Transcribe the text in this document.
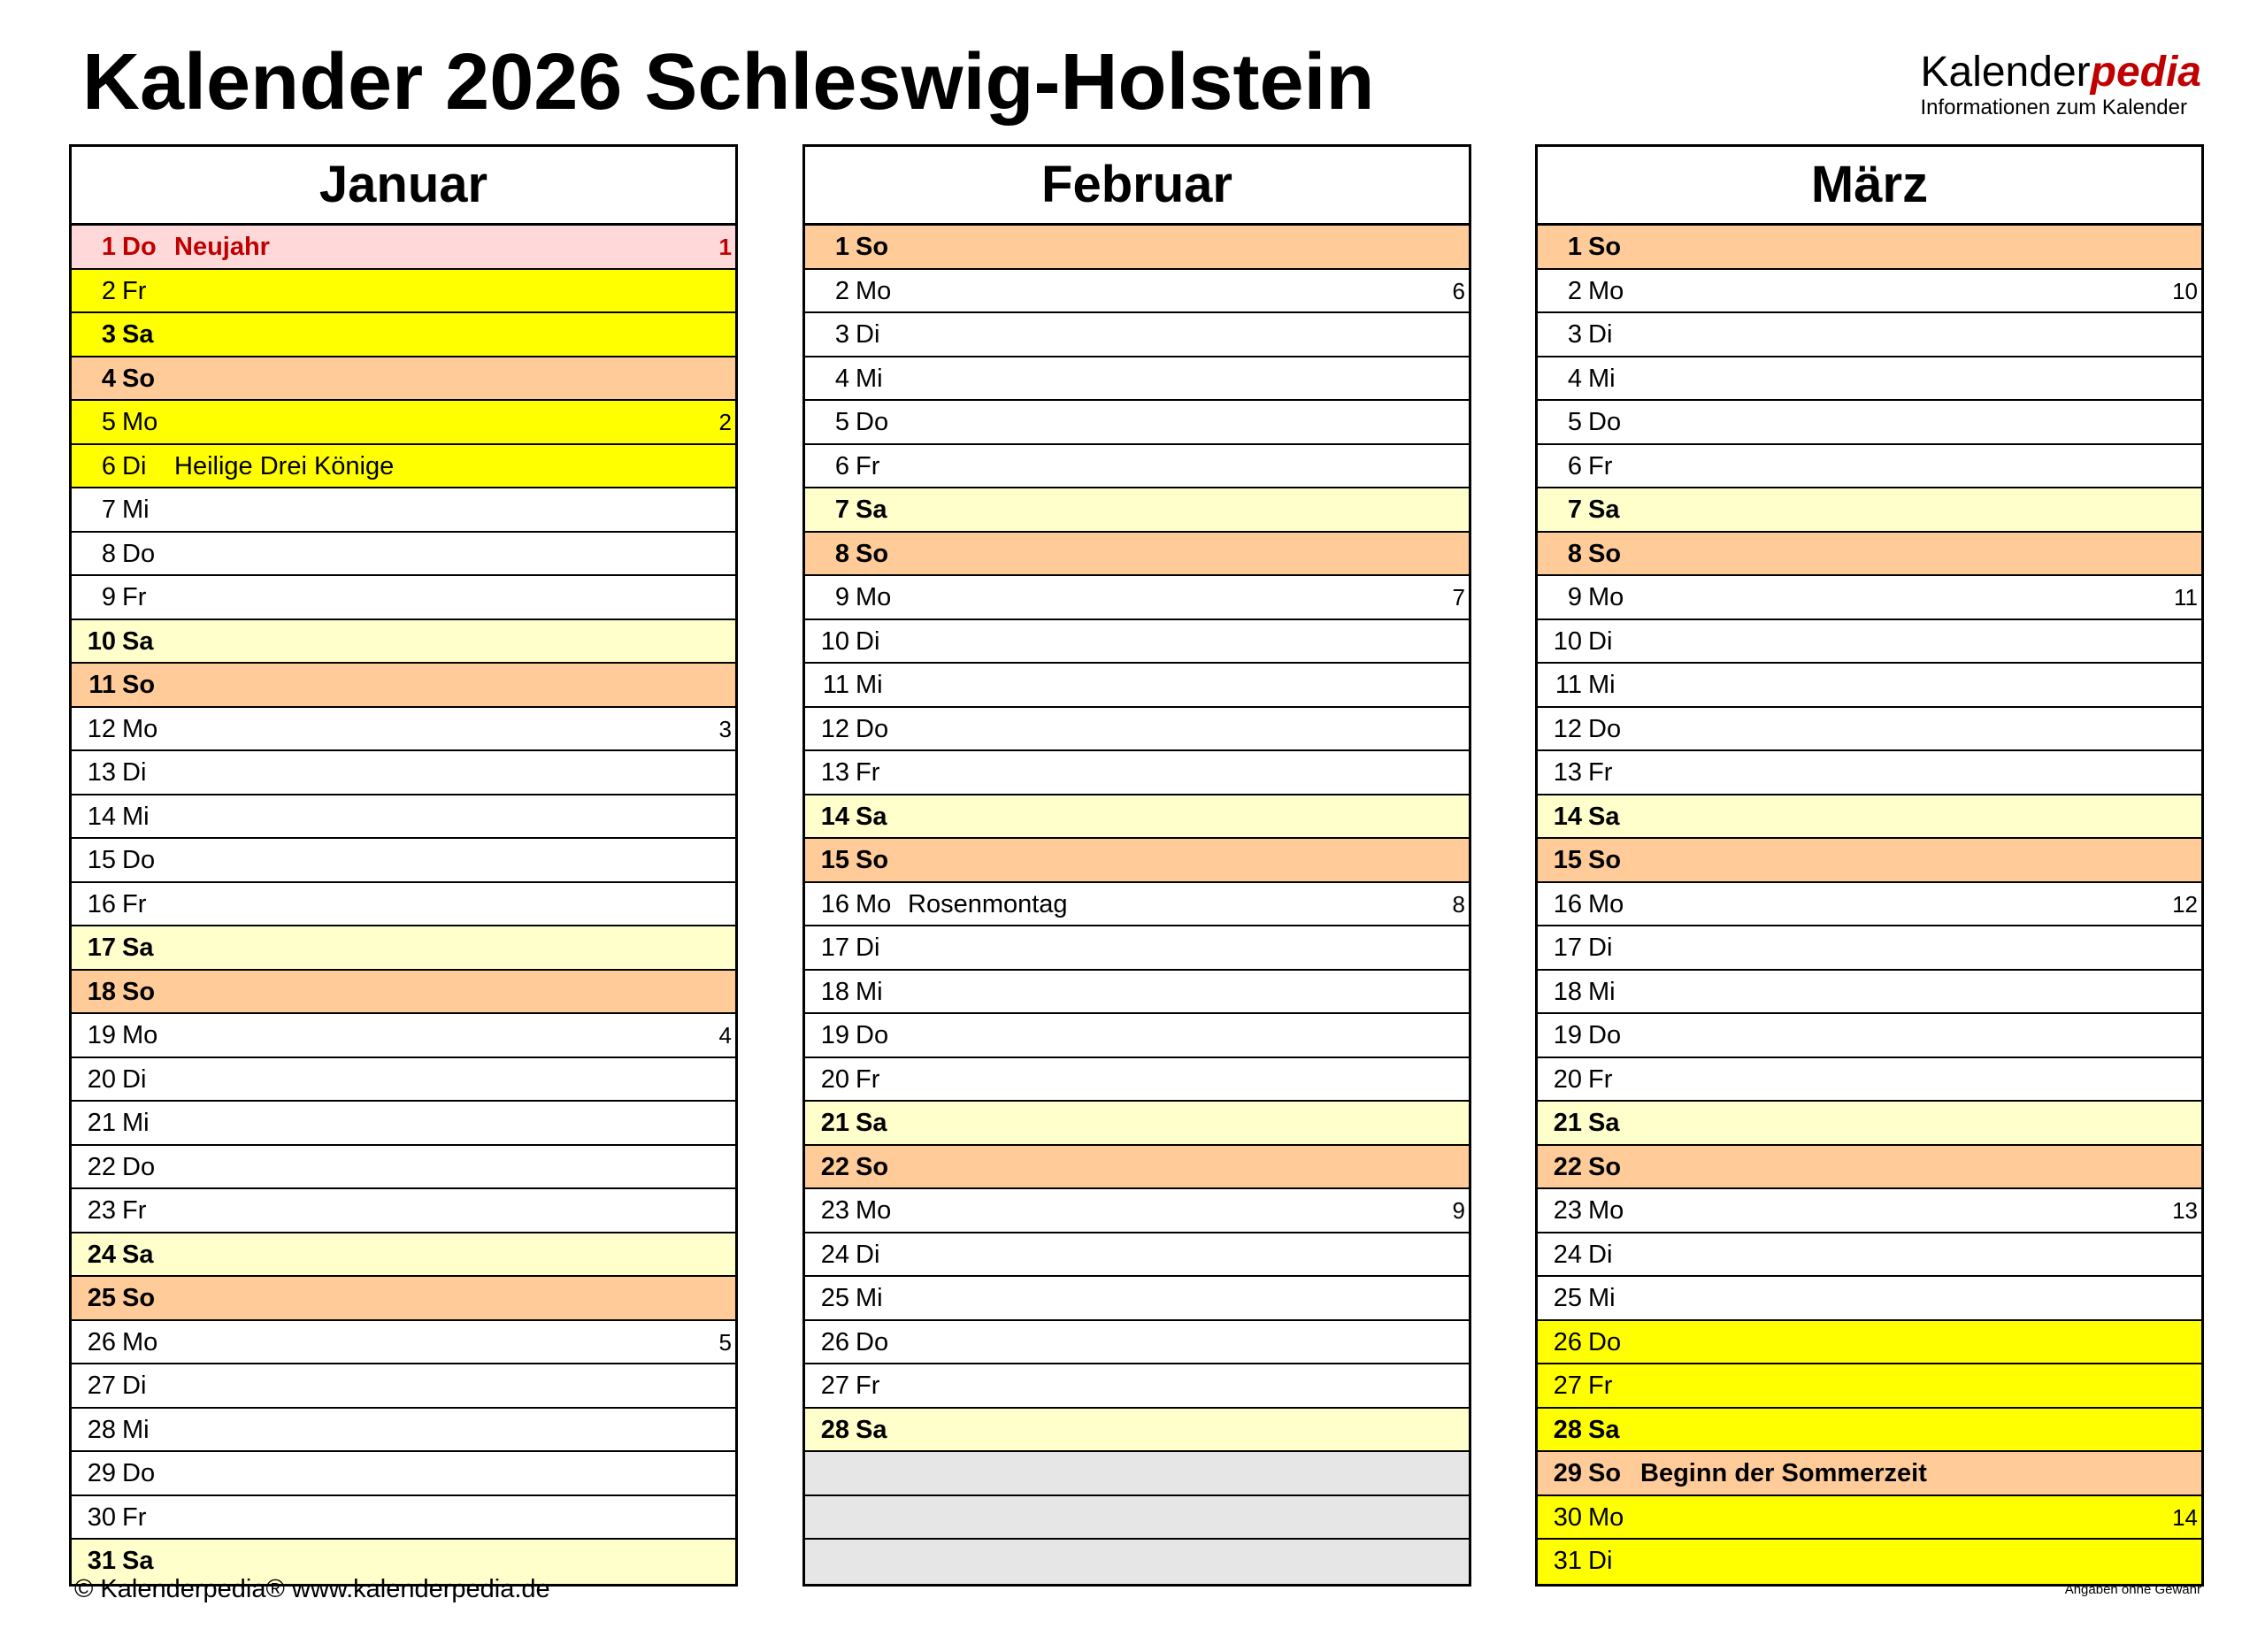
Kalender 2026 Schleswig-Holstein	Kalenderpedia
Informationen zum Kalender
Januar
1 Do Neujahr	1
2 Fr
3 Sa
4 So
5 Mo	2
6 Di Heilige Drei Könige
7 Mi
8 Do
9 Fr
10 Sa
11 So
12 Mo	3
13 Di
14 Mi
15 Do
16 Fr
17 Sa
18 So
19 Mo	4
20 Di
21 Mi
22 Do
23 Fr
24 Sa
25 So
26 Mo	5
27 Di
28 Mi
29 Do
30 Fr
31 Sa
Februar
1 So
2 Mo	6
3 Di
4 Mi
5 Do
6 Fr
7 Sa
8 So
9 Mo	7
10 Di
11 Mi
12 Do
13 Fr
14 Sa
15 So
16 Mo Rosenmontag	8
17 Di
18 Mi
19 Do
20 Fr
21 Sa
22 So
23 Mo	9
24 Di
25 Mi
26 Do
27 Fr
28 Sa
März
1 So
2 Mo	10
3 Di
4 Mi
5 Do
6 Fr
7 Sa
8 So
9 Mo	11
10 Di
11 Mi
12 Do
13 Fr
14 Sa
15 So
16 Mo	12
17 Di
18 Mi
19 Do
20 Fr
21 Sa
22 So
23 Mo	13
24 Di
25 Mi
26 Do
27 Fr
28 Sa
29 So Beginn der Sommerzeit
30 Mo	14
31 Di
© Kalenderpedia® www.kalenderpedia.de	Angaben ohne Gewähr
